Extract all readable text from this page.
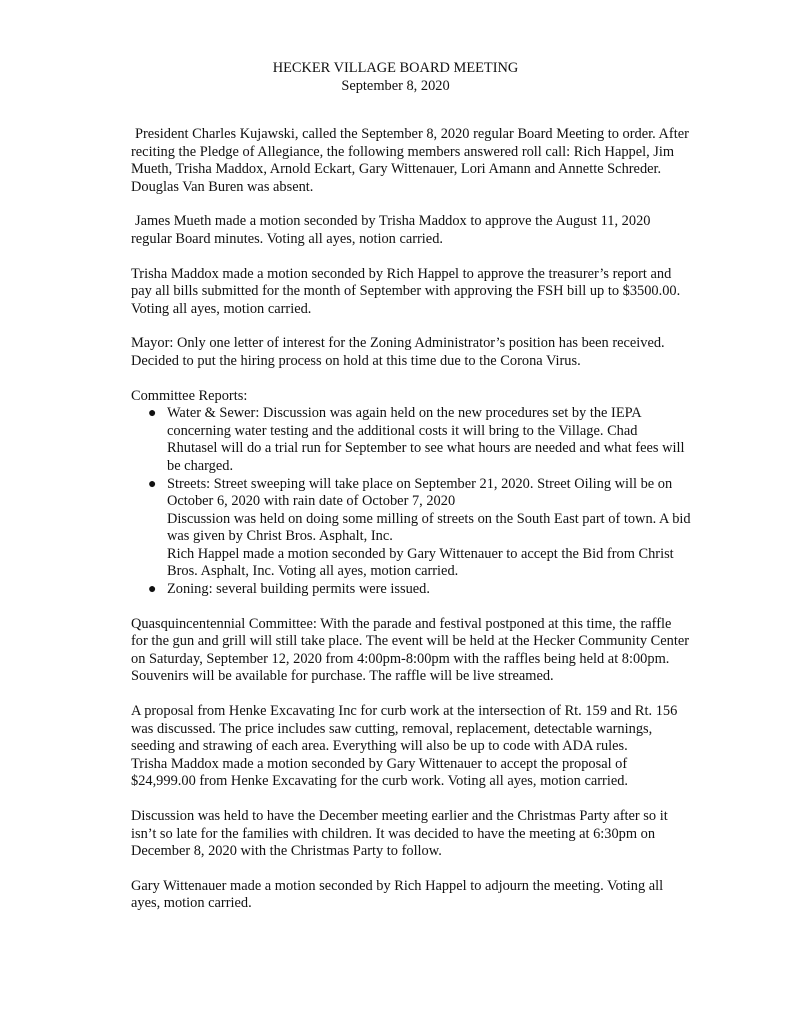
HECKER VILLAGE BOARD MEETING
September 8, 2020

President Charles Kujawski, called the September 8, 2020 regular Board Meeting to order. After reciting the Pledge of Allegiance, the following members answered roll call: Rich Happel, Jim Mueth, Trisha Maddox, Arnold Eckart, Gary Wittenauer, Lori Amann and Annette Schreder. Douglas Van Buren was absent.

James Mueth made a motion seconded by Trisha Maddox to approve the August 11, 2020 regular Board minutes. Voting all ayes, notion carried.

Trisha Maddox made a motion seconded by Rich Happel to approve the treasurer’s report and pay all bills submitted for the month of September with approving the FSH bill up to $3500.00. Voting all ayes, motion carried.

Mayor: Only one letter of interest for the Zoning Administrator’s position has been received. Decided to put the hiring process on hold at this time due to the Corona Virus.

Committee Reports:

● Water & Sewer: Discussion was again held on the new procedures set by the IEPA concerning water testing and the additional costs it will bring to the Village. Chad Rhutasel will do a trial run for September to see what hours are needed and what fees will be charged.
● Streets: Street sweeping will take place on September 21, 2020. Street Oiling will be on October 6, 2020 with rain date of October 7, 2020
Discussion was held on doing some milling of streets on the South East part of town. A bid was given by Christ Bros. Asphalt, Inc.
Rich Happel made a motion seconded by Gary Wittenauer to accept the Bid from Christ Bros. Asphalt, Inc. Voting all ayes, motion carried.
● Zoning: several building permits were issued.

Quasquincentennial Committee: With the parade and festival postponed at this time, the raffle for the gun and grill will still take place. The event will be held at the Hecker Community Center on Saturday, September 12, 2020 from 4:00pm-8:00pm with the raffles being held at 8:00pm. Souvenirs will be available for purchase. The raffle will be live streamed.

A proposal from Henke Excavating Inc for curb work at the intersection of Rt. 159 and Rt. 156 was discussed. The price includes saw cutting, removal, replacement, detectable warnings, seeding and strawing of each area. Everything will also be up to code with ADA rules.

Trisha Maddox made a motion seconded by Gary Wittenauer to accept the proposal of $24,999.00 from Henke Excavating for the curb work. Voting all ayes, motion carried.

Discussion was held to have the December meeting earlier and the Christmas Party after so it isn’t so late for the families with children. It was decided to have the meeting at 6:30pm on December 8, 2020 with the Christmas Party to follow.

Gary Wittenauer made a motion seconded by Rich Happel to adjourn the meeting. Voting all ayes, motion carried.
